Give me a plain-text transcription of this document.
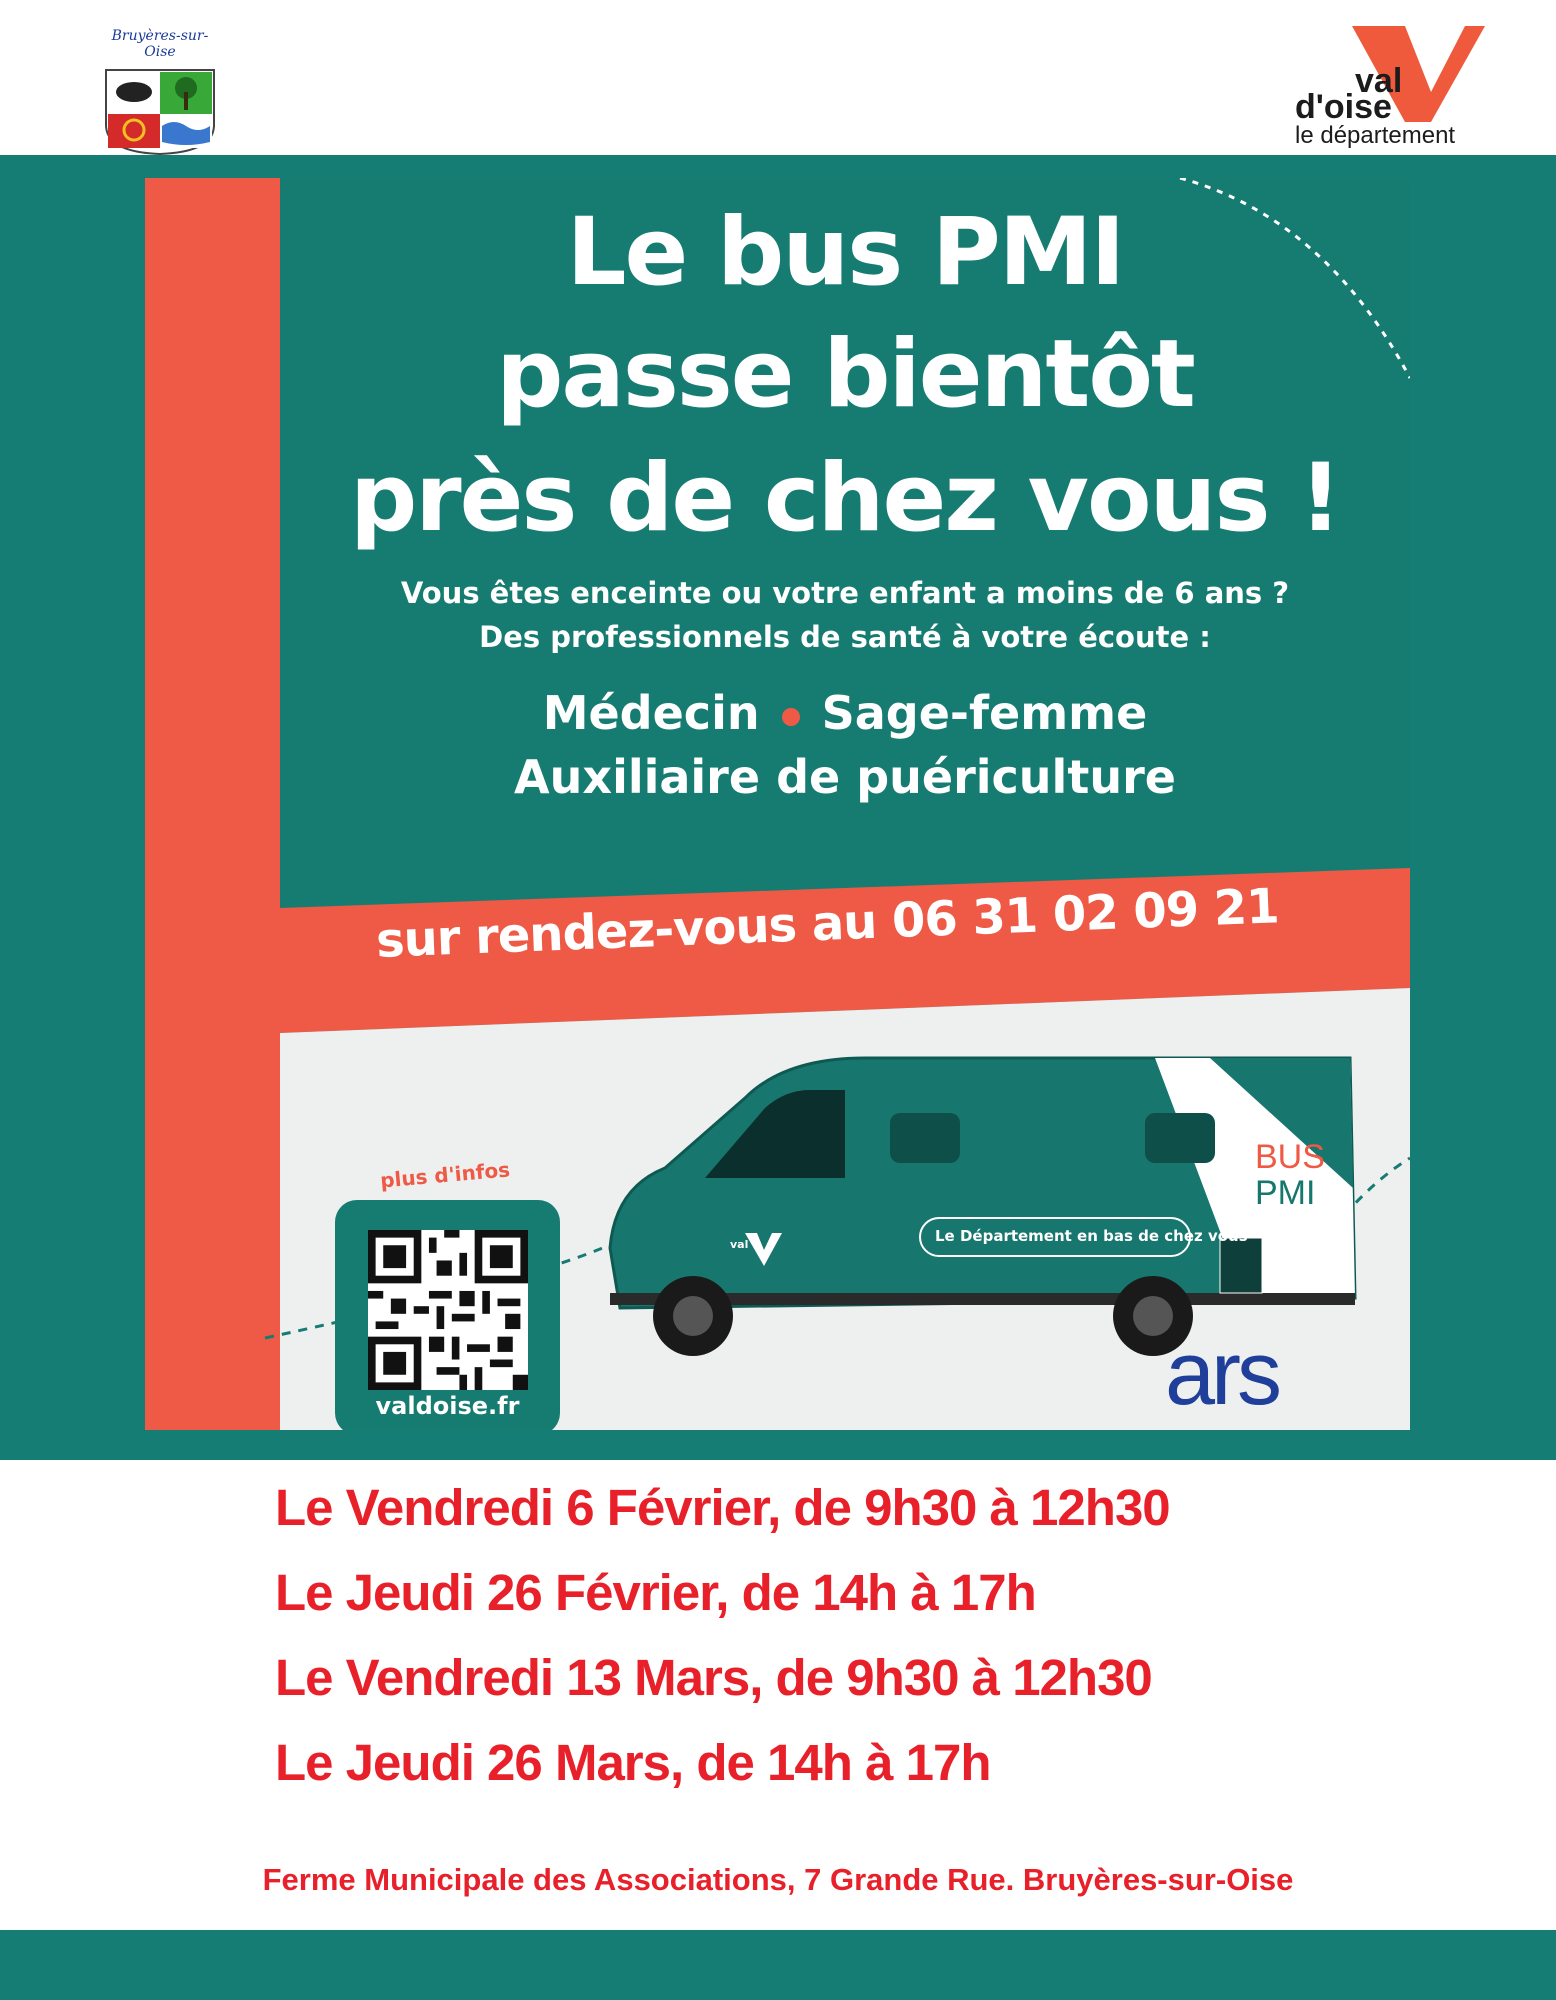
Bruyères-sur-Oise
val
d'oise
le département
Le bus PMI
passe bientôt
près de chez vous !
Vous êtes enceinte ou votre enfant a moins de 6 ans ?
Des professionnels de santé à votre écoute :
Médecin Sage-femme
Auxiliaire de puériculture
sur rendez-vous au 06 31 02 09 21
val	Le Département en bas de chez vous
BUS
PMI
plus d'infos
valdoise.fr	ars
Le Vendredi 6 Février, de 9h30 à 12h30
Le Jeudi 26 Février, de 14h à 17h
Le Vendredi 13 Mars, de 9h30 à 12h30
Le Jeudi 26 Mars, de 14h à 17h
Ferme Municipale des Associations, 7 Grande Rue. Bruyères-sur-Oise
